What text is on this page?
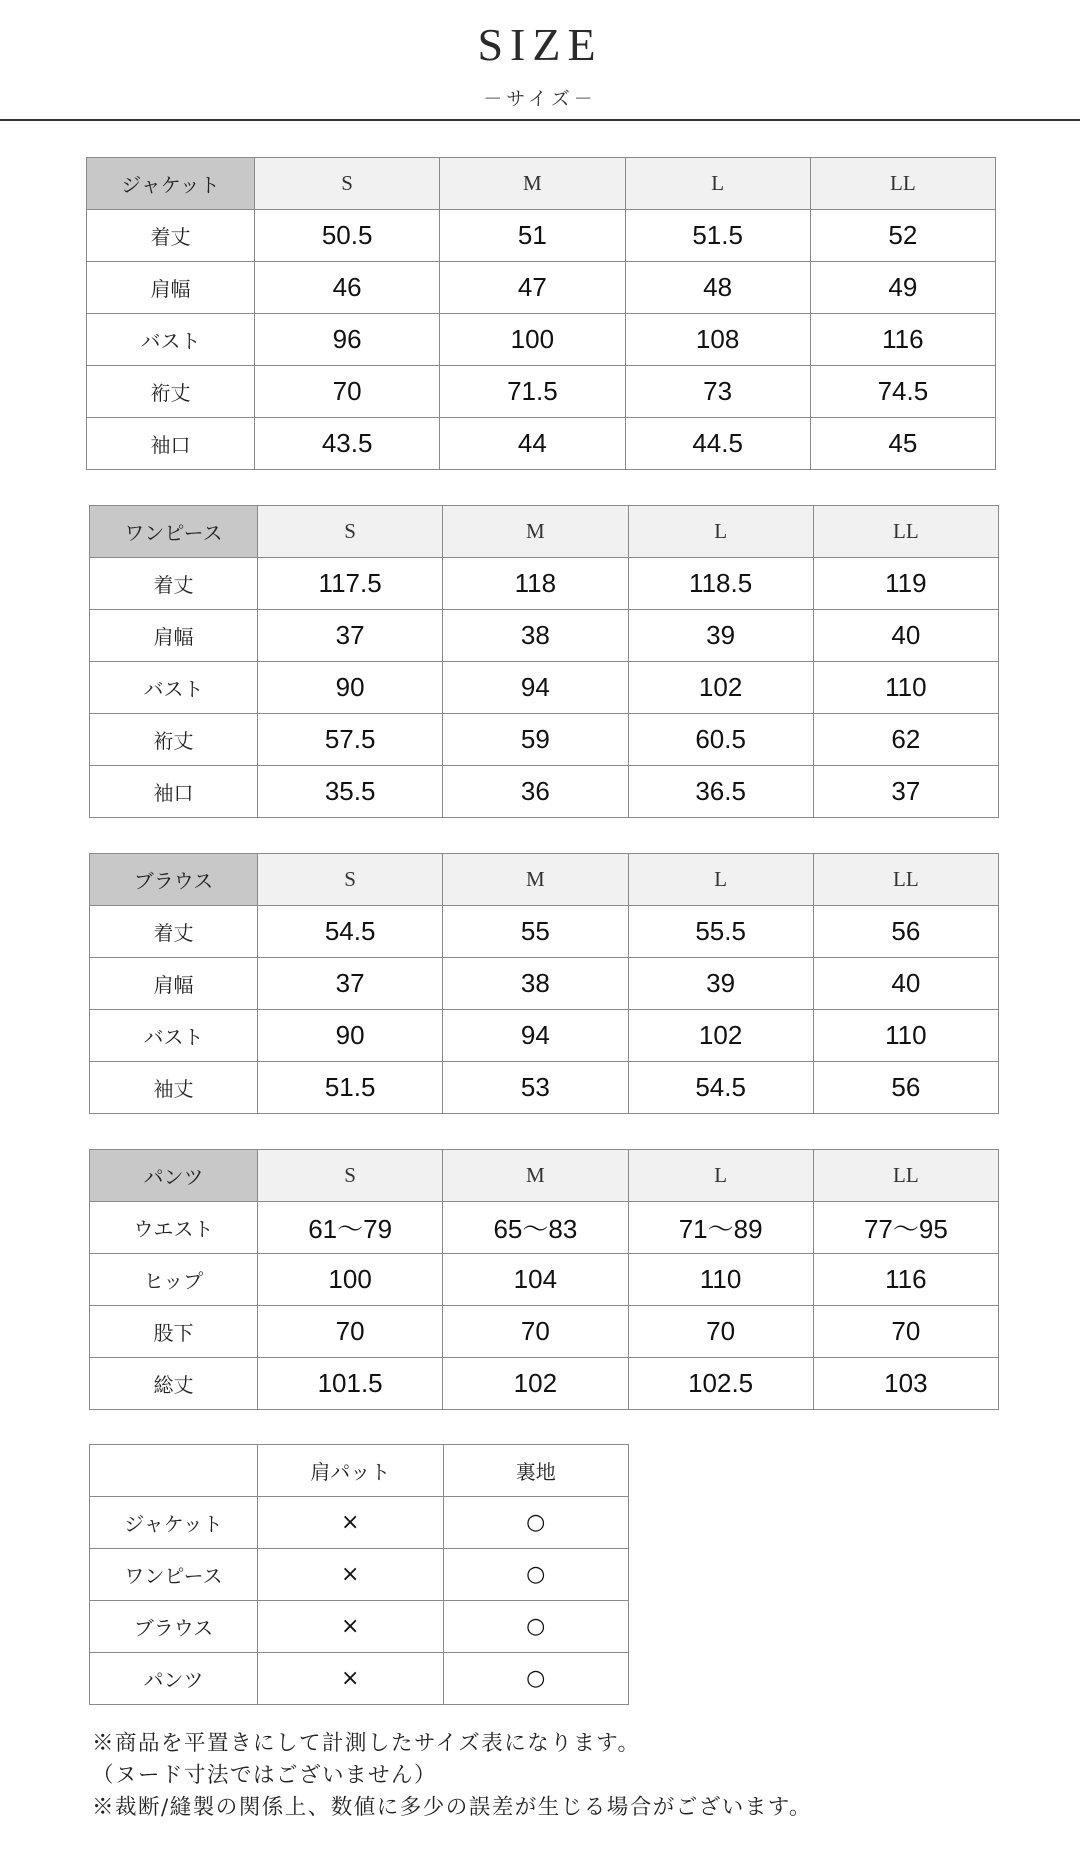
SIZE
－サイズ－
ジャケット	S	M	L	LL
着丈	50.5	51	51.5	52
肩幅	46	47	48	49
バスト	96	100	108	116
裄丈	70	71.5	73	74.5
袖口	43.5	44	44.5	45
ワンピース	S	M	L	LL
着丈	117.5	118	118.5	119
肩幅	37	38	39	40
バスト	90	94	102	110
裄丈	57.5	59	60.5	62
袖口	35.5	36	36.5	37
ブラウス	S	M	L	LL
着丈	54.5	55	55.5	56
肩幅	37	38	39	40
バスト	90	94	102	110
袖丈	51.5	53	54.5	56
パンツ	S	M	L	LL
ウエスト	61～79	65～83	71～89	77～95
ヒップ	100	104	110	116
股下	70	70	70	70
総丈	101.5	102	102.5	103
	肩パット	裏地
ジャケット	×	○
ワンピース	×	○
ブラウス	×	○
パンツ	×	○
※商品を平置きにして計測したサイズ表になります。
（ヌード寸法ではございません）
※裁断/縫製の関係上、数値に多少の誤差が生じる場合がございます。
